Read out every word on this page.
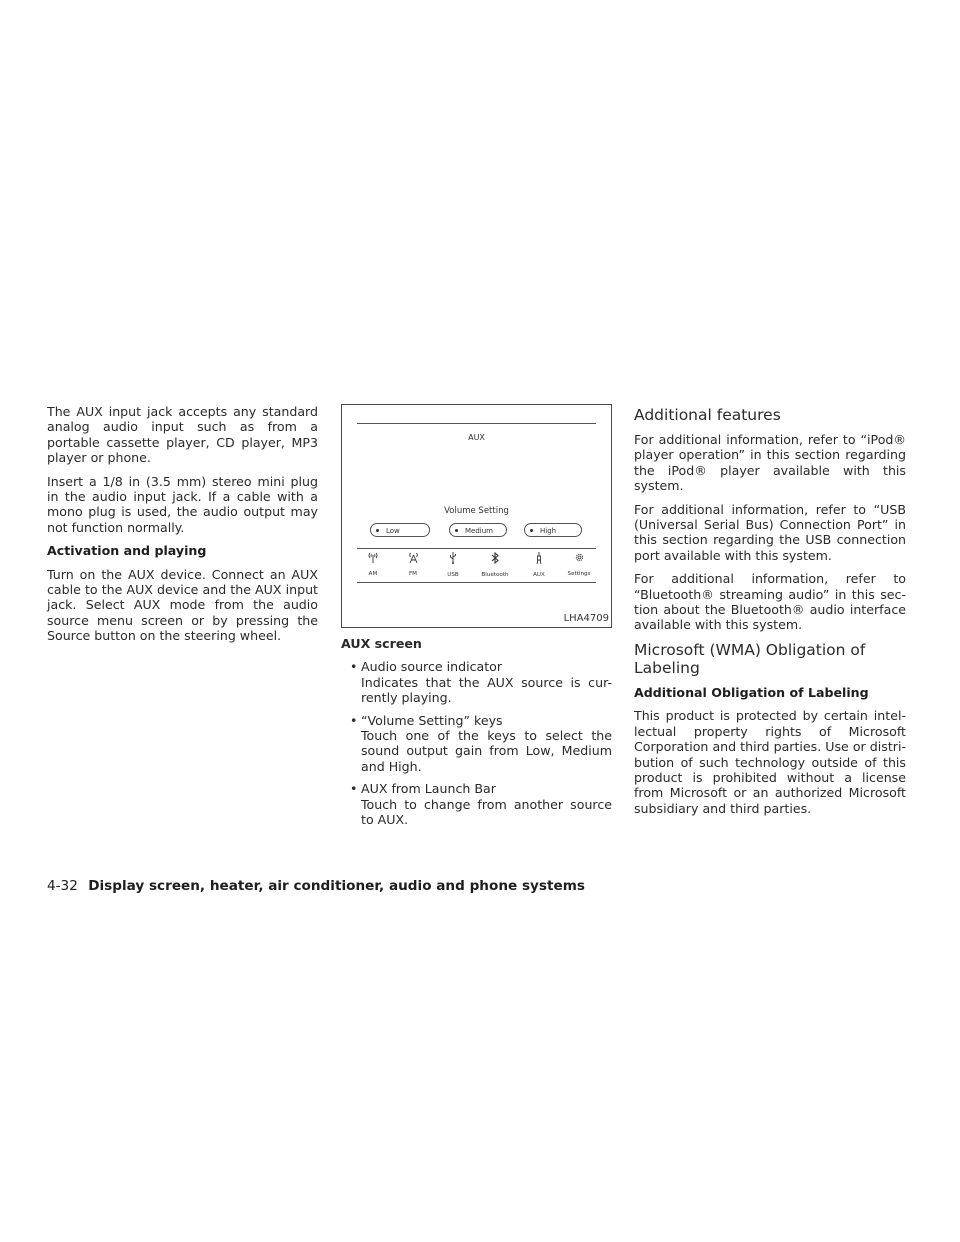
The AUX input jack accepts any standard analog audio input such as from a portable cassette player, CD player, MP3 player or phone.

Insert a 1/8 in (3.5 mm) stereo mini plug in the audio input jack. If a cable with a mono plug is used, the audio output may not function normally.

Activation and playing

Turn on the AUX device. Connect an AUX cable to the AUX device and the AUX input jack. Select AUX mode from the audio source menu screen or by pressing the Source button on the steering wheel.

AUX
Volume Setting
Low	Medium	High
AM	FM	USB	Bluetooth	AUX	Settings
LHA4709

AUX screen

• Audio source indicator
Indicates that the AUX source is cur-rently playing.
• “Volume Setting” keys
Touch one of the keys to select the sound output gain from Low, Medium and High.
• AUX from Launch Bar
Touch to change from another source to AUX.
Additional features

For additional information, refer to “iPod® player operation” in this section regarding the iPod® player available with this system.

For additional information, refer to “USB (Universal Serial Bus) Connection Port” in this section regarding the USB connection port available with this system.

For additional information, refer to “Bluetooth® streaming audio” in this sec-tion about the Bluetooth® audio interface available with this system.

Microsoft (WMA) Obligation of Labeling
Additional Obligation of Labeling

This product is protected by certain intel-lectual property rights of Microsoft Corporation and third parties. Use or distri-bution of such technology outside of this product is prohibited without a license from Microsoft or an authorized Microsoft subsidiary and third parties.

4-32 Display screen, heater, air conditioner, audio and phone systems
